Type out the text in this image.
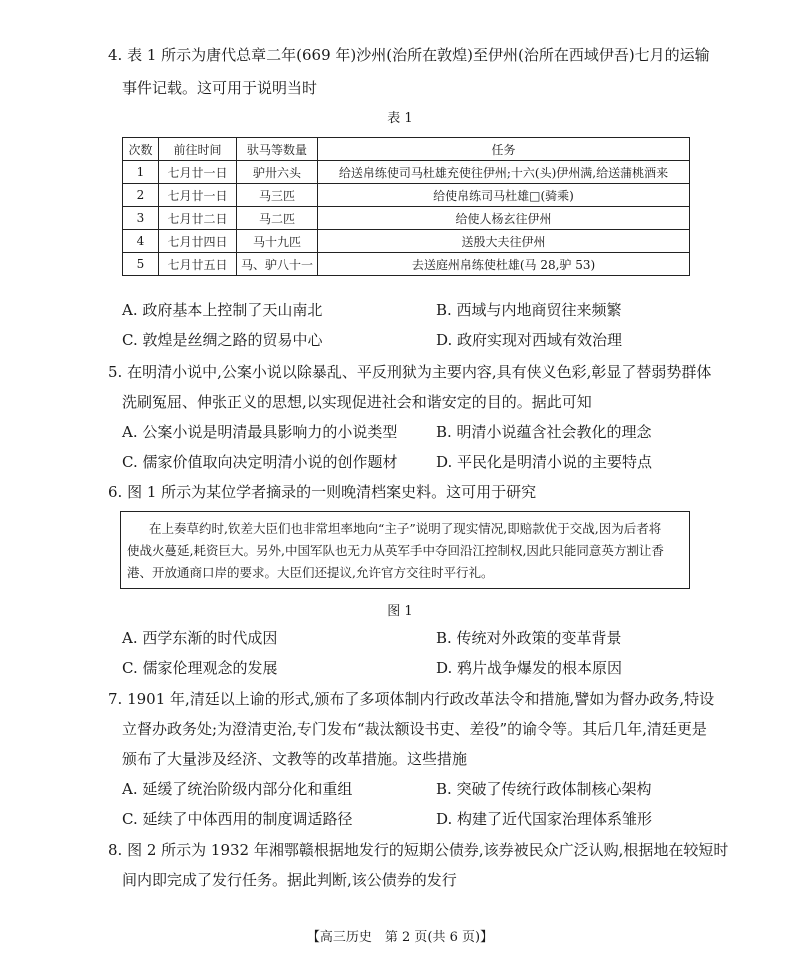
4. 表 1 所示为唐代总章二年(669 年)沙州(治所在敦煌)至伊州(治所在西域伊吾)七月的运输
事件记载。这可用于说明当时
表 1
次数	前往时间	驮马等数量	任务
1	七月廿一日	驴卅六头	给送帛练使司马杜雄充使往伊州;十六(头)伊州满,给送蒲桃酒来
2	七月廿一日	马三匹	给使帛练司马杜雄□(骑乘)
3	七月廿二日	马二匹	给使人杨玄往伊州
4	七月廿四日	马十九匹	送殷大夫往伊州
5	七月廿五日	马、驴八十一	去送庭州帛练使杜雄(马 28,驴 53)
A. 政府基本上控制了天山南北	B. 西域与内地商贸往来频繁
C. 敦煌是丝绸之路的贸易中心	D. 政府实现对西域有效治理
5. 在明清小说中,公案小说以除暴乱、平反刑狱为主要内容,具有侠义色彩,彰显了替弱势群体
洗刷冤屈、伸张正义的思想,以实现促进社会和谐安定的目的。据此可知
A. 公案小说是明清最具影响力的小说类型	B. 明清小说蕴含社会教化的理念
C. 儒家价值取向决定明清小说的创作题材	D. 平民化是明清小说的主要特点
6. 图 1 所示为某位学者摘录的一则晚清档案史料。这可用于研究
在上奏草约时,钦差大臣们也非常坦率地向“主子”说明了现实情况,即赔款优于交战,因为后者将
使战火蔓延,耗资巨大。另外,中国军队也无力从英军手中夺回沿江控制权,因此只能同意英方割让香
港、开放通商口岸的要求。大臣们还提议,允许官方交往时平行礼。
图 1
A. 西学东渐的时代成因	B. 传统对外政策的变革背景
C. 儒家伦理观念的发展	D. 鸦片战争爆发的根本原因
7. 1901 年,清廷以上谕的形式,颁布了多项体制内行政改革法令和措施,譬如为督办政务,特设
立督办政务处;为澄清吏治,专门发布“裁汰额设书吏、差役”的谕令等。其后几年,清廷更是
颁布了大量涉及经济、文教等的改革措施。这些措施
A. 延缓了统治阶级内部分化和重组	B. 突破了传统行政体制核心架构
C. 延续了中体西用的制度调适路径	D. 构建了近代国家治理体系雏形
8. 图 2 所示为 1932 年湘鄂赣根据地发行的短期公债券,该券被民众广泛认购,根据地在较短时
间内即完成了发行任务。据此判断,该公债券的发行
【高三历史　第 2 页(共 6 页)】
